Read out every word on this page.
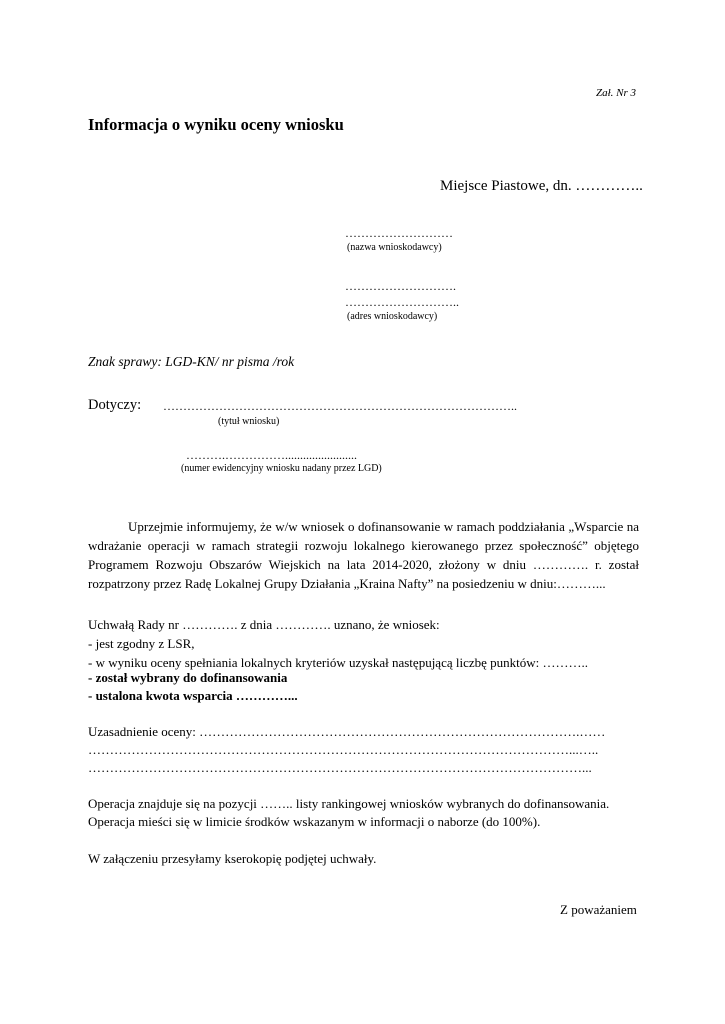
Zał. Nr 3
Informacja o wyniku oceny wniosku
Miejsce Piastowe, dn. …………..
………………………
(nazwa wnioskodawcy)
……………………….
………………………..
(adres wnioskodawcy)
Znak sprawy: LGD-KN/ nr pisma /rok
Dotyczy: ……………………………………………………………………………..
(tytuł wniosku)
……….……………........................
(numer ewidencyjny wniosku nadany przez LGD)

Uprzejmie informujemy, że w/w wniosek o dofinansowanie w ramach poddziałania „Wsparcie na wdrażanie operacji w ramach strategii rozwoju lokalnego kierowanego przez społeczność” objętego Programem Rozwoju Obszarów Wiejskich na lata 2014-2020, złożony w dniu …………. r. został rozpatrzony przez Radę Lokalnej Grupy Działania „Kraina Nafty” na posiedzeniu w dniu:………...

Uchwałą Rady nr …………. z dnia …………. uznano, że wniosek:
- jest zgodny z LSR,
- w wyniku oceny spełniania lokalnych kryteriów uzyskał następującą liczbę punktów: ………..
- został wybrany do dofinansowania
- ustalona kwota wsparcia …………...
Uzasadnienie oceny: …………………………………………………………………………….……
…………………………………………………………………………………………………...…..
……………………………………………………………………………………………………...
Operacja znajduje się na pozycji …….. listy rankingowej wniosków wybranych do dofinansowania.
Operacja mieści się w limicie środków wskazanym w informacji o naborze (do 100%).
W załączeniu przesyłamy kserokopię podjętej uchwały.
Z poważaniem
